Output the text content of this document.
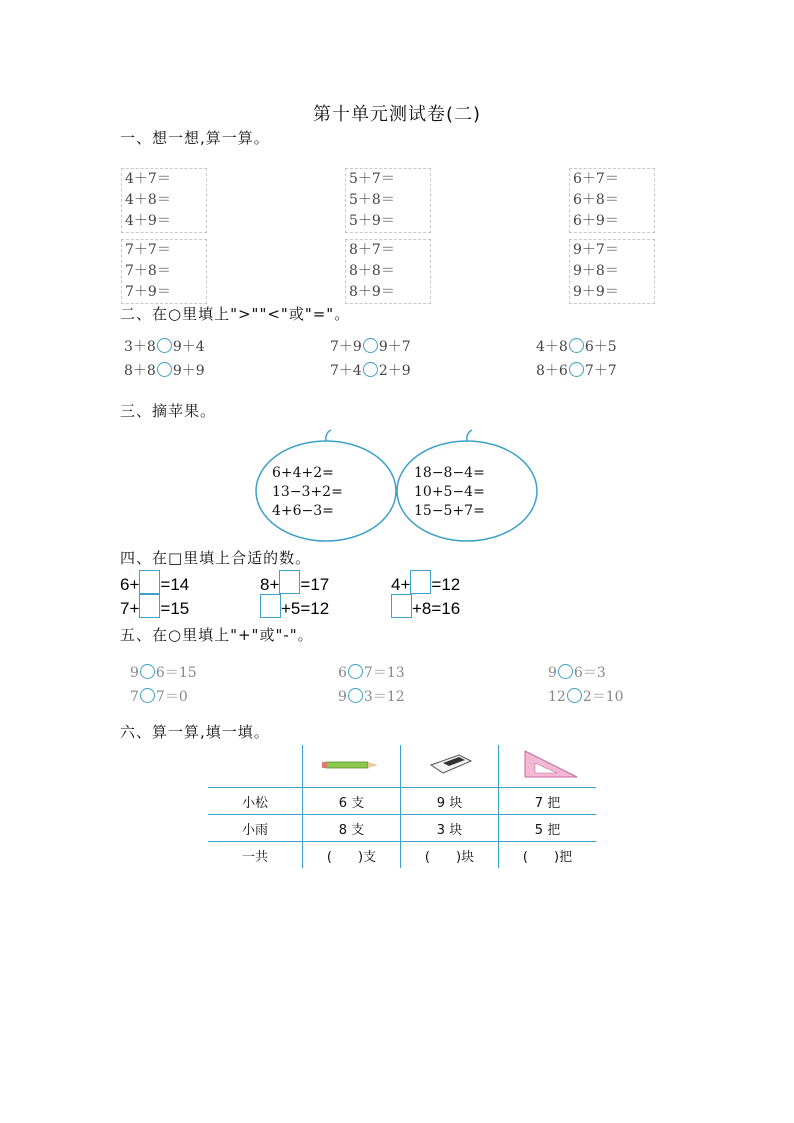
第十单元测试卷(二)
一、想一想,算一算。
4＋7＝
4＋8＝
4＋9＝
5＋7＝
5＋8＝
5＋9＝
6＋7＝
6＋8＝
6＋9＝
7＋7＝
7＋8＝
7＋9＝
8＋7＝
8＋8＝
8＋9＝
9＋7＝
9＋8＝
9＋9＝
二、在○里填上">""<"或"="。
3＋8 9＋4	7＋9 9＋7	4＋8 6＋5
8＋8 9＋9	7＋4 2＋9	8＋6 7＋7
三、摘苹果。
6+4+2=
13−3+2=
4+6−3=
18−8−4=
10+5−4=
15−5+7=
四、在□里填上合适的数。
6+ =14	8+ =17	4+ =12
7+ =15	+5=12	+8=16
五、在○里填上"+"或"-"。
9 6＝15	6 7＝13	9 6＝3
7 7＝0	9 3＝12	12 2＝10
六、算一算,填一填。

小松	6 支	9 块	7 把
小雨	8 支	3 块	5 把
一共	(　　)支	(　　)块	(　　)把
